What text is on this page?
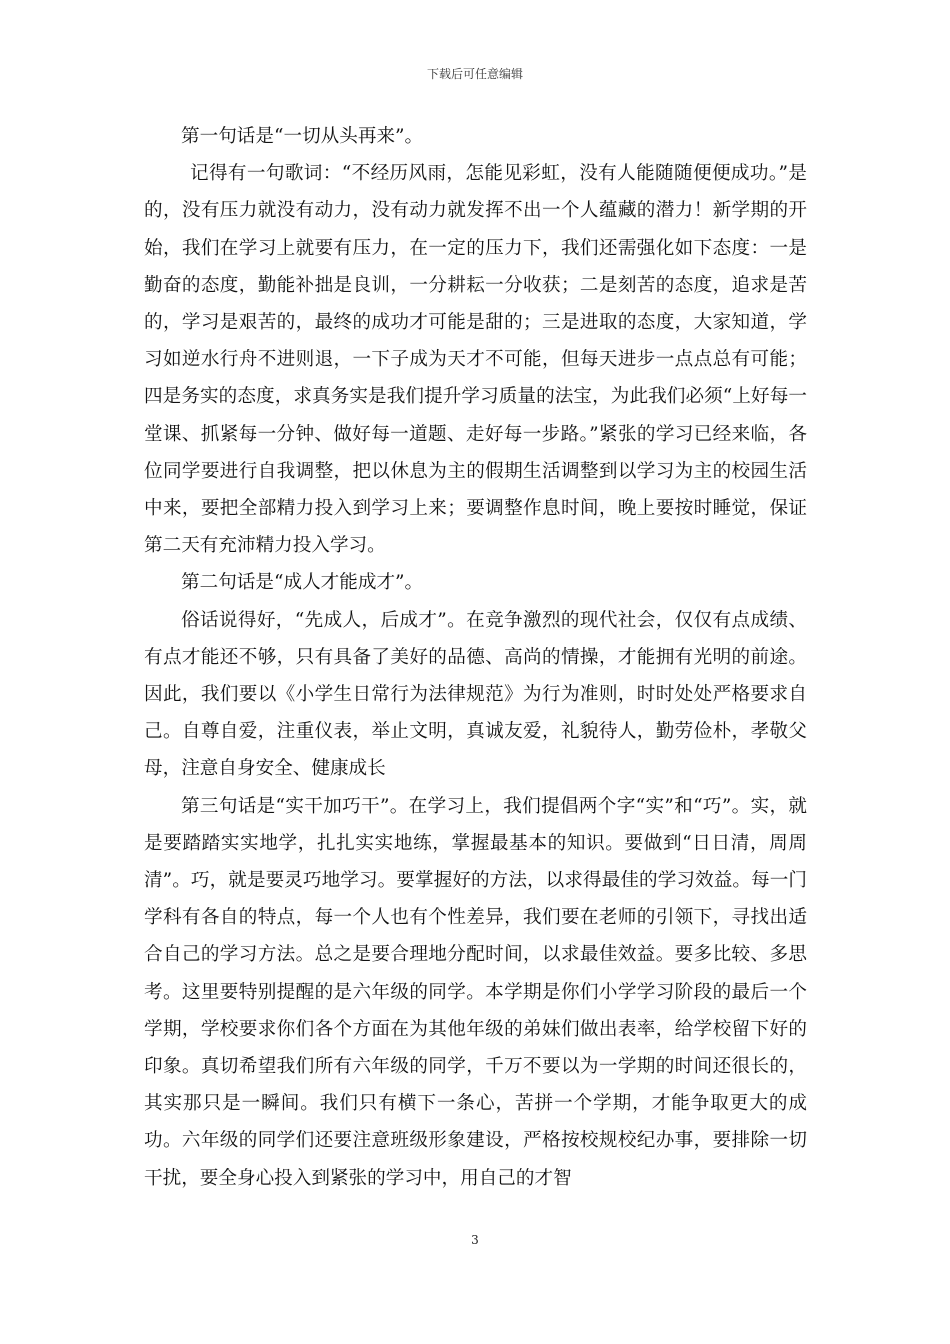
下载后可任意编辑

第一句话是“一切从头再来”。

记得有一句歌词：“不经历风雨，怎能见彩虹，没有人能随随便便成功。”是的，没有压力就没有动力，没有动力就发挥不出一个人蕴藏的潜力！新学期的开始，我们在学习上就要有压力，在一定的压力下，我们还需强化如下态度：一是勤奋的态度，勤能补拙是良训，一分耕耘一分收获；二是刻苦的态度，追求是苦的，学习是艰苦的，最终的成功才可能是甜的；三是进取的态度，大家知道，学习如逆水行舟不进则退，一下子成为天才不可能，但每天进步一点点总有可能；四是务实的态度，求真务实是我们提升学习质量的法宝，为此我们必须“上好每一堂课、抓紧每一分钟、做好每一道题、走好每一步路。”紧张的学习已经来临，各位同学要进行自我调整，把以休息为主的假期生活调整到以学习为主的校园生活中来，要把全部精力投入到学习上来；要调整作息时间，晚上要按时睡觉，保证第二天有充沛精力投入学习。

第二句话是“成人才能成才”。

俗话说得好，“先成人，后成才”。在竞争激烈的现代社会，仅仅有点成绩、有点才能还不够，只有具备了美好的品德、高尚的情操，才能拥有光明的前途。因此，我们要以《小学生日常行为法律规范》为行为准则，时时处处严格要求自己。自尊自爱，注重仪表，举止文明，真诚友爱，礼貌待人，勤劳俭朴，孝敬父母，注意自身安全、健康成长

第三句话是“实干加巧干”。在学习上，我们提倡两个字“实”和“巧”。实，就是要踏踏实实地学，扎扎实实地练，掌握最基本的知识。要做到“日日清，周周清”。巧，就是要灵巧地学习。要掌握好的方法，以求得最佳的学习效益。每一门学科有各自的特点，每一个人也有个性差异，我们要在老师的引领下，寻找出适合自己的学习方法。总之是要合理地分配时间，以求最佳效益。要多比较、多思考。这里要特别提醒的是六年级的同学。本学期是你们小学学习阶段的最后一个学期，学校要求你们各个方面在为其他年级的弟妹们做出表率，给学校留下好的印象。真切希望我们所有六年级的同学，千万不要以为一学期的时间还很长的，其实那只是一瞬间。我们只有横下一条心，苦拼一个学期，才能争取更大的成功。六年级的同学们还要注意班级形象建设，严格按校规校纪办事，要排除一切干扰，要全身心投入到紧张的学习中，用自己的才智

3
